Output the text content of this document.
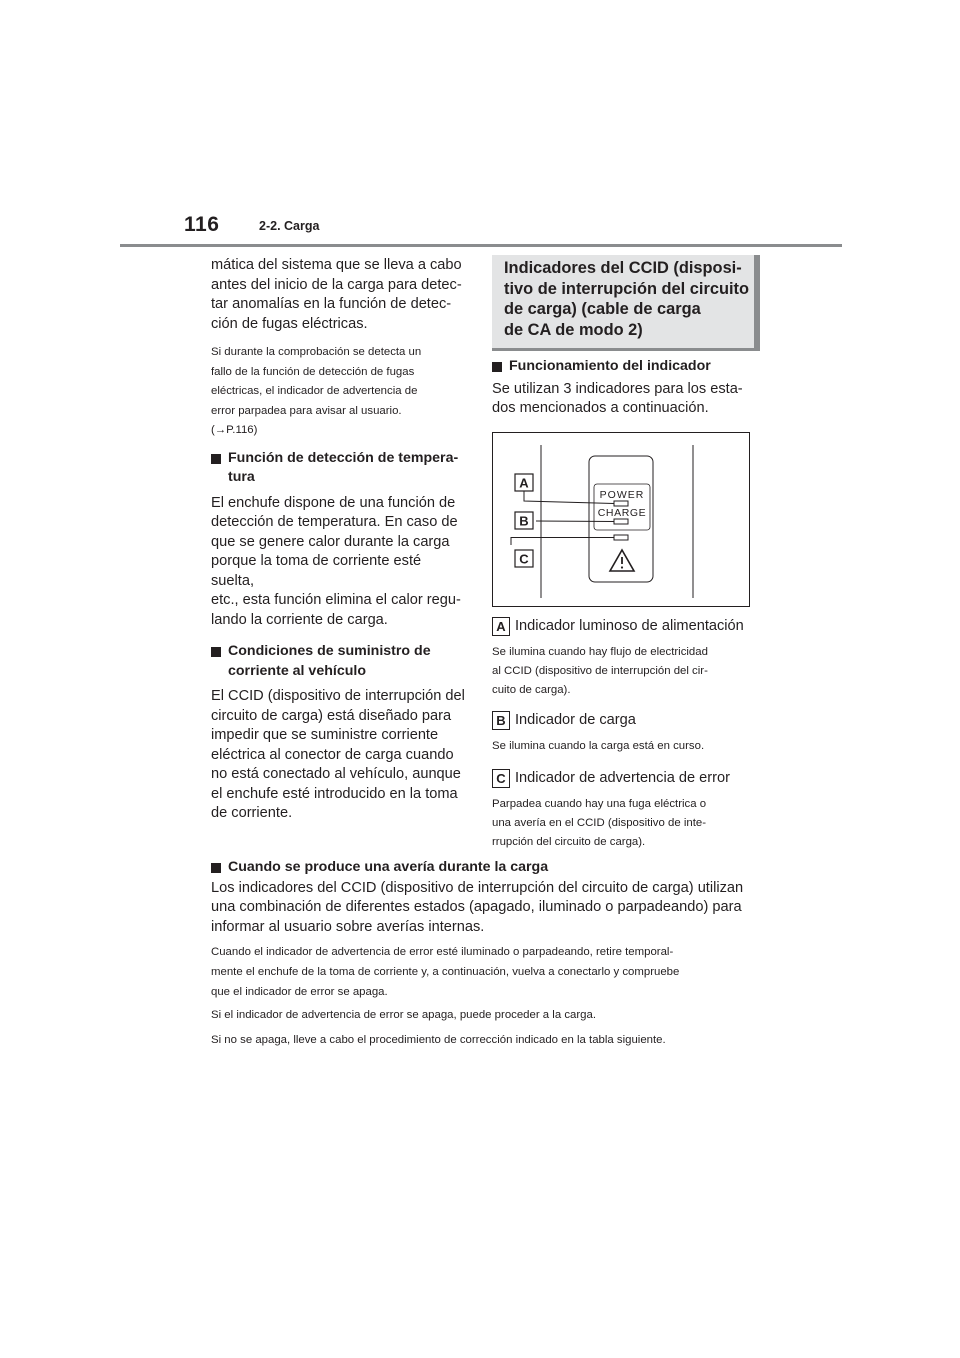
116	2-2. Carga
mática del sistema que se lleva a cabo
antes del inicio de la carga para detec-
tar anomalías en la función de detec-
ción de fugas eléctricas.
Si durante la comprobación se detecta un
fallo de la función de detección de fugas
eléctricas, el indicador de advertencia de
error parpadea para avisar al usuario.
(→P.116)
Función de detección de tempera-
tura
El enchufe dispone de una función de
detección de temperatura. En caso de
que se genere calor durante la carga
porque la toma de corriente esté suelta,
etc., esta función elimina el calor regu-
lando la corriente de carga.
Condiciones de suministro de
corriente al vehículo
El CCID (dispositivo de interrupción del
circuito de carga) está diseñado para
impedir que se suministre corriente
eléctrica al conector de carga cuando
no está conectado al vehículo, aunque
el enchufe esté introducido en la toma
de corriente.
Indicadores del CCID (disposi-
tivo de interrupción del circuito
de carga) (cable de carga
de CA de modo 2)
Funcionamiento del indicador
Se utilizan 3 indicadores para los esta-
dos mencionados a continuación.
POWER
CHARGE
A
B
C
A Indicador luminoso de alimentación
Se ilumina cuando hay flujo de electricidad
al CCID (dispositivo de interrupción del cir-
cuito de carga).
B Indicador de carga
Se ilumina cuando la carga está en curso.
C Indicador de advertencia de error
Parpadea cuando hay una fuga eléctrica o
una avería en el CCID (dispositivo de inte-
rrupción del circuito de carga).
Cuando se produce una avería durante la carga
Los indicadores del CCID (dispositivo de interrupción del circuito de carga) utilizan
una combinación de diferentes estados (apagado, iluminado o parpadeando) para
informar al usuario sobre averías internas.
Cuando el indicador de advertencia de error esté iluminado o parpadeando, retire temporal-
mente el enchufe de la toma de corriente y, a continuación, vuelva a conectarlo y compruebe
que el indicador de error se apaga.
Si el indicador de advertencia de error se apaga, puede proceder a la carga.
Si no se apaga, lleve a cabo el procedimiento de corrección indicado en la tabla siguiente.
